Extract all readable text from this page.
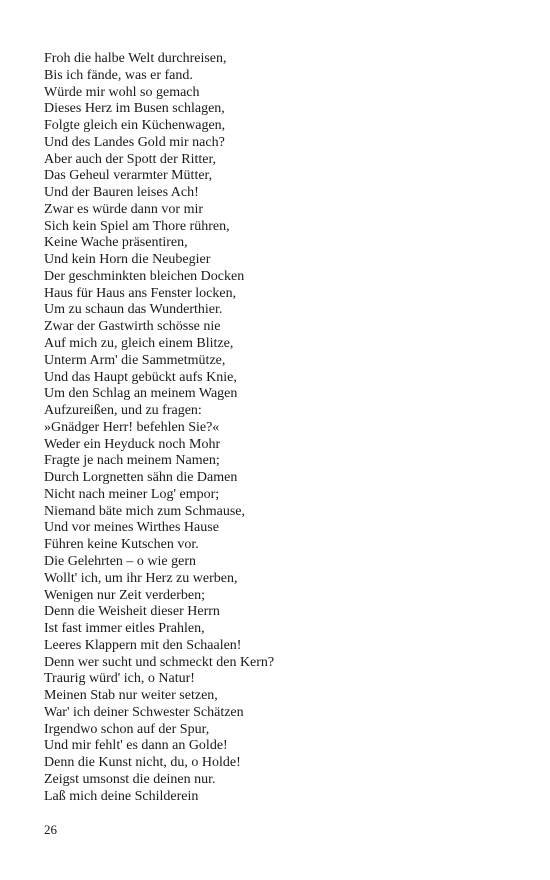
Froh die halbe Welt durchreisen,
Bis ich fände, was er fand.
Würde mir wohl so gemach
Dieses Herz im Busen schlagen,
Folgte gleich ein Küchenwagen,
Und des Landes Gold mir nach?
Aber auch der Spott der Ritter,
Das Geheul verarmter Mütter,
Und der Bauren leises Ach!
Zwar es würde dann vor mir
Sich kein Spiel am Thore rühren,
Keine Wache präsentiren,
Und kein Horn die Neubegier
Der geschminkten bleichen Docken
Haus für Haus ans Fenster locken,
Um zu schaun das Wunderthier.
Zwar der Gastwirth schösse nie
Auf mich zu, gleich einem Blitze,
Unterm Arm' die Sammetmütze,
Und das Haupt gebückt aufs Knie,
Um den Schlag an meinem Wagen
Aufzureißen, und zu fragen:
»Gnädger Herr! befehlen Sie?«
Weder ein Heyduck noch Mohr
Fragte je nach meinem Namen;
Durch Lorgnetten sähn die Damen
Nicht nach meiner Log' empor;
Niemand bäte mich zum Schmause,
Und vor meines Wirthes Hause
Führen keine Kutschen vor.
Die Gelehrten – o wie gern
Wollt' ich, um ihr Herz zu werben,
Wenigen nur Zeit verderben;
Denn die Weisheit dieser Herrn
Ist fast immer eitles Prahlen,
Leeres Klappern mit den Schaalen!
Denn wer sucht und schmeckt den Kern?
Traurig würd' ich, o Natur!
Meinen Stab nur weiter setzen,
War' ich deiner Schwester Schätzen
Irgendwo schon auf der Spur,
Und mir fehlt' es dann an Golde!
Denn die Kunst nicht, du, o Holde!
Zeigst umsonst die deinen nur.
Laß mich deine Schilderein
26
